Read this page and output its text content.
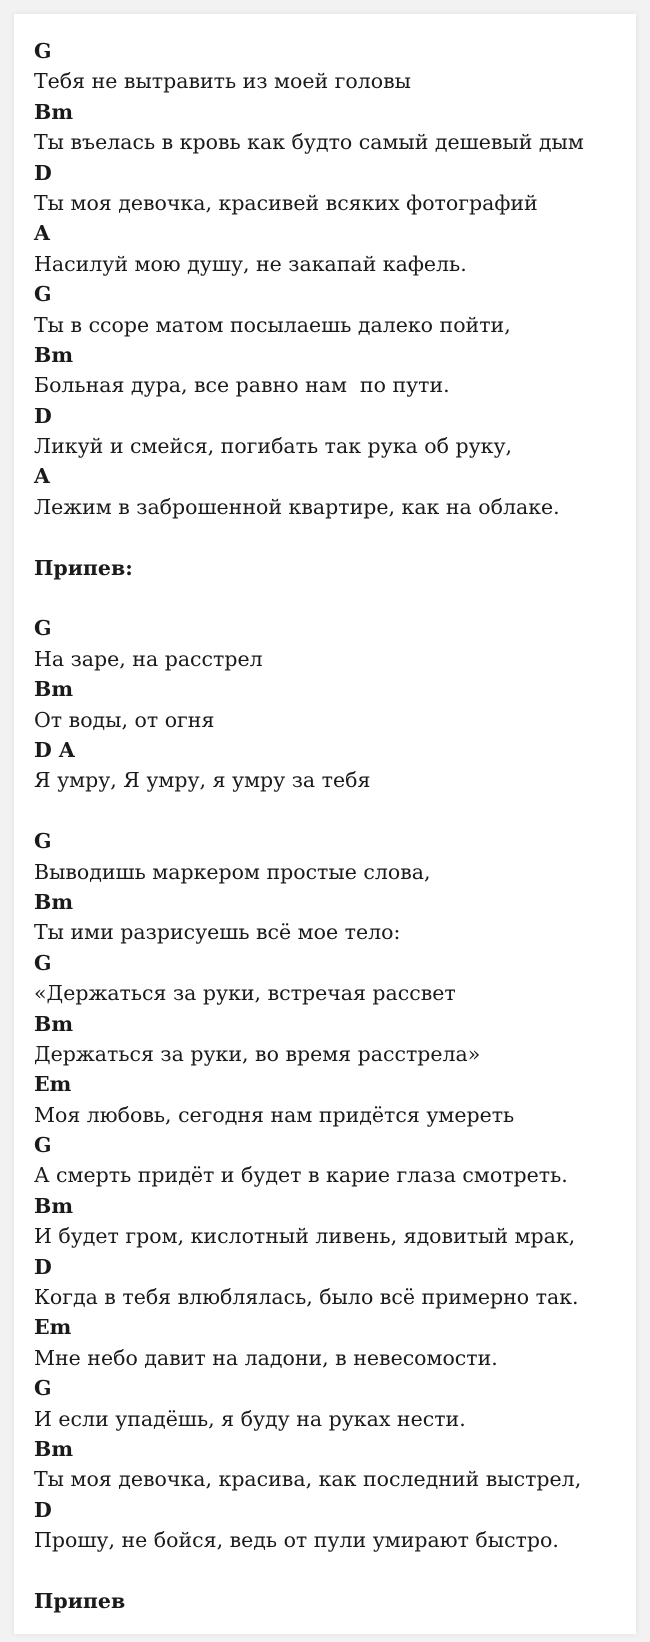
G
Тебя не вытравить из моей головы
Bm
Ты въелась в кровь как будто самый дешевый дым
D
Ты моя девочка, красивей всяких фотографий
A
Насилуй мою душу, не закапай кафель.
G
Ты в ссоре матом посылаешь далеко пойти,
Bm
Больная дура, все равно нам  по пути.
D
Ликуй и смейся, погибать так рука об руку,
A
Лежим в заброшенной квартире, как на облаке.
Припев:
G
На заре, на расстрел
Bm
От воды, от огня
D A
Я умру, Я умру, я умру за тебя
G
Выводишь маркером простые слова,
Bm
Ты ими разрисуешь всё мое тело:
G
«Держаться за руки, встречая рассвет
Bm
Держаться за руки, во время расстрела»
Em
Моя любовь, сегодня нам придётся умереть
G
А смерть придёт и будет в карие глаза смотреть.
Bm
И будет гром, кислотный ливень, ядовитый мрак,
D
Когда в тебя влюблялась, было всё примерно так.
Em
Мне небо давит на ладони, в невесомости.
G
И если упадёшь, я буду на руках нести.
Bm
Ты моя девочка, красива, как последний выстрел,
D
Прошу, не бойся, ведь от пули умирают быстро.
Припев
